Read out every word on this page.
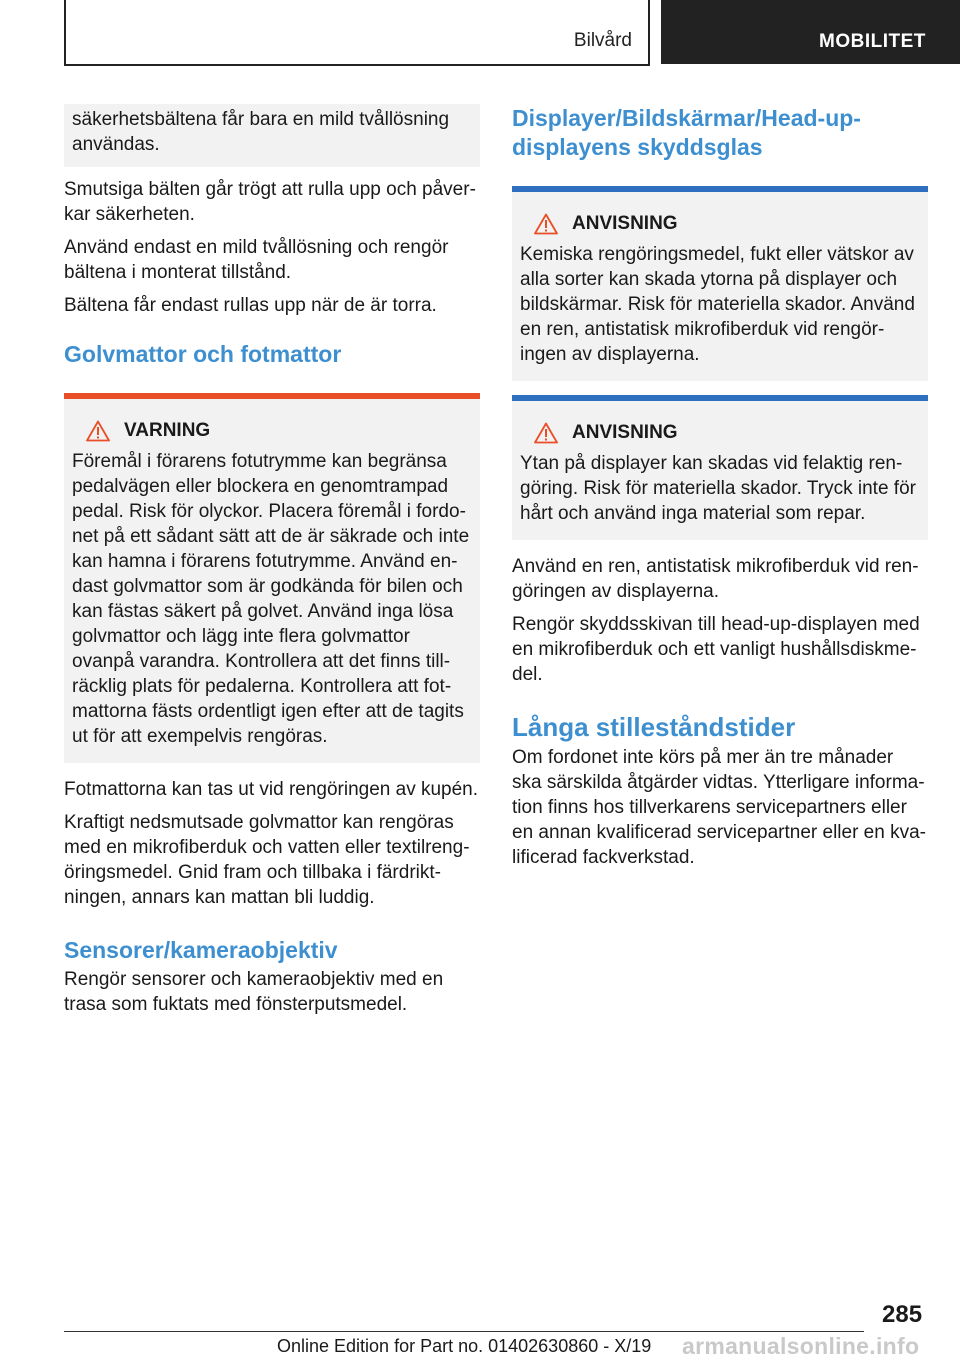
Bilvård	MOBILITET
säkerhetsbältena får bara en mild tvållösning användas.

Smutsiga bälten går trögt att rulla upp och påverkar säkerheten.

Använd endast en mild tvållösning och rengör bältena i monterat tillstånd.

Bältena får endast rullas upp när de är torra.

Golvmattor och fotmattor
VARNING
Föremål i förarens fotutrymme kan begränsa pedalvägen eller blockera en genomtrampad pedal. Risk för olyckor. Placera föremål i fordonet på ett sådant sätt att de är säkrade och inte kan hamna i förarens fotutrymme. Använd endast golvmattor som är godkända för bilen och kan fästas säkert på golvet. Använd inga lösa golvmattor och lägg inte flera golvmattor ovanpå varandra. Kontrollera att det finns tillräcklig plats för pedalerna. Kontrollera att fotmattorna fästs ordentligt igen efter att de tagits ut för att exempelvis rengöras.

Fotmattorna kan tas ut vid rengöringen av kupén.

Kraftigt nedsmutsade golvmattor kan rengöras med en mikrofiberduk och vatten eller textilrengöringsmedel. Gnid fram och tillbaka i färdriktningen, annars kan mattan bli luddig.

Sensorer/kameraobjektiv

Rengör sensorer och kameraobjektiv med en trasa som fuktats med fönsterputsmedel.

Displayer/Bildskärmar/Head-up-displayens skyddsglas
ANVISNING
Kemiska rengöringsmedel, fukt eller vätskor av alla sorter kan skada ytorna på displayer och bildskärmar. Risk för materiella skador. Använd en ren, antistatisk mikrofiberduk vid rengöringen av displayerna.
ANVISNING
Ytan på displayer kan skadas vid felaktig rengöring. Risk för materiella skador. Tryck inte för hårt och använd inga material som repar.

Använd en ren, antistatisk mikrofiberduk vid rengöringen av displayerna.

Rengör skyddsskivan till head-up-displayen med en mikrofiberduk och ett vanligt hushållsdiskmedel.

Långa stilleståndstider

Om fordonet inte körs på mer än tre månader ska särskilda åtgärder vidtas. Ytterligare information finns hos tillverkarens servicepartners eller en annan kvalificerad servicepartner eller en kvalificerad fackverkstad.

285
Online Edition for Part no. 01402630860 - X/19 armanualsonline.info
